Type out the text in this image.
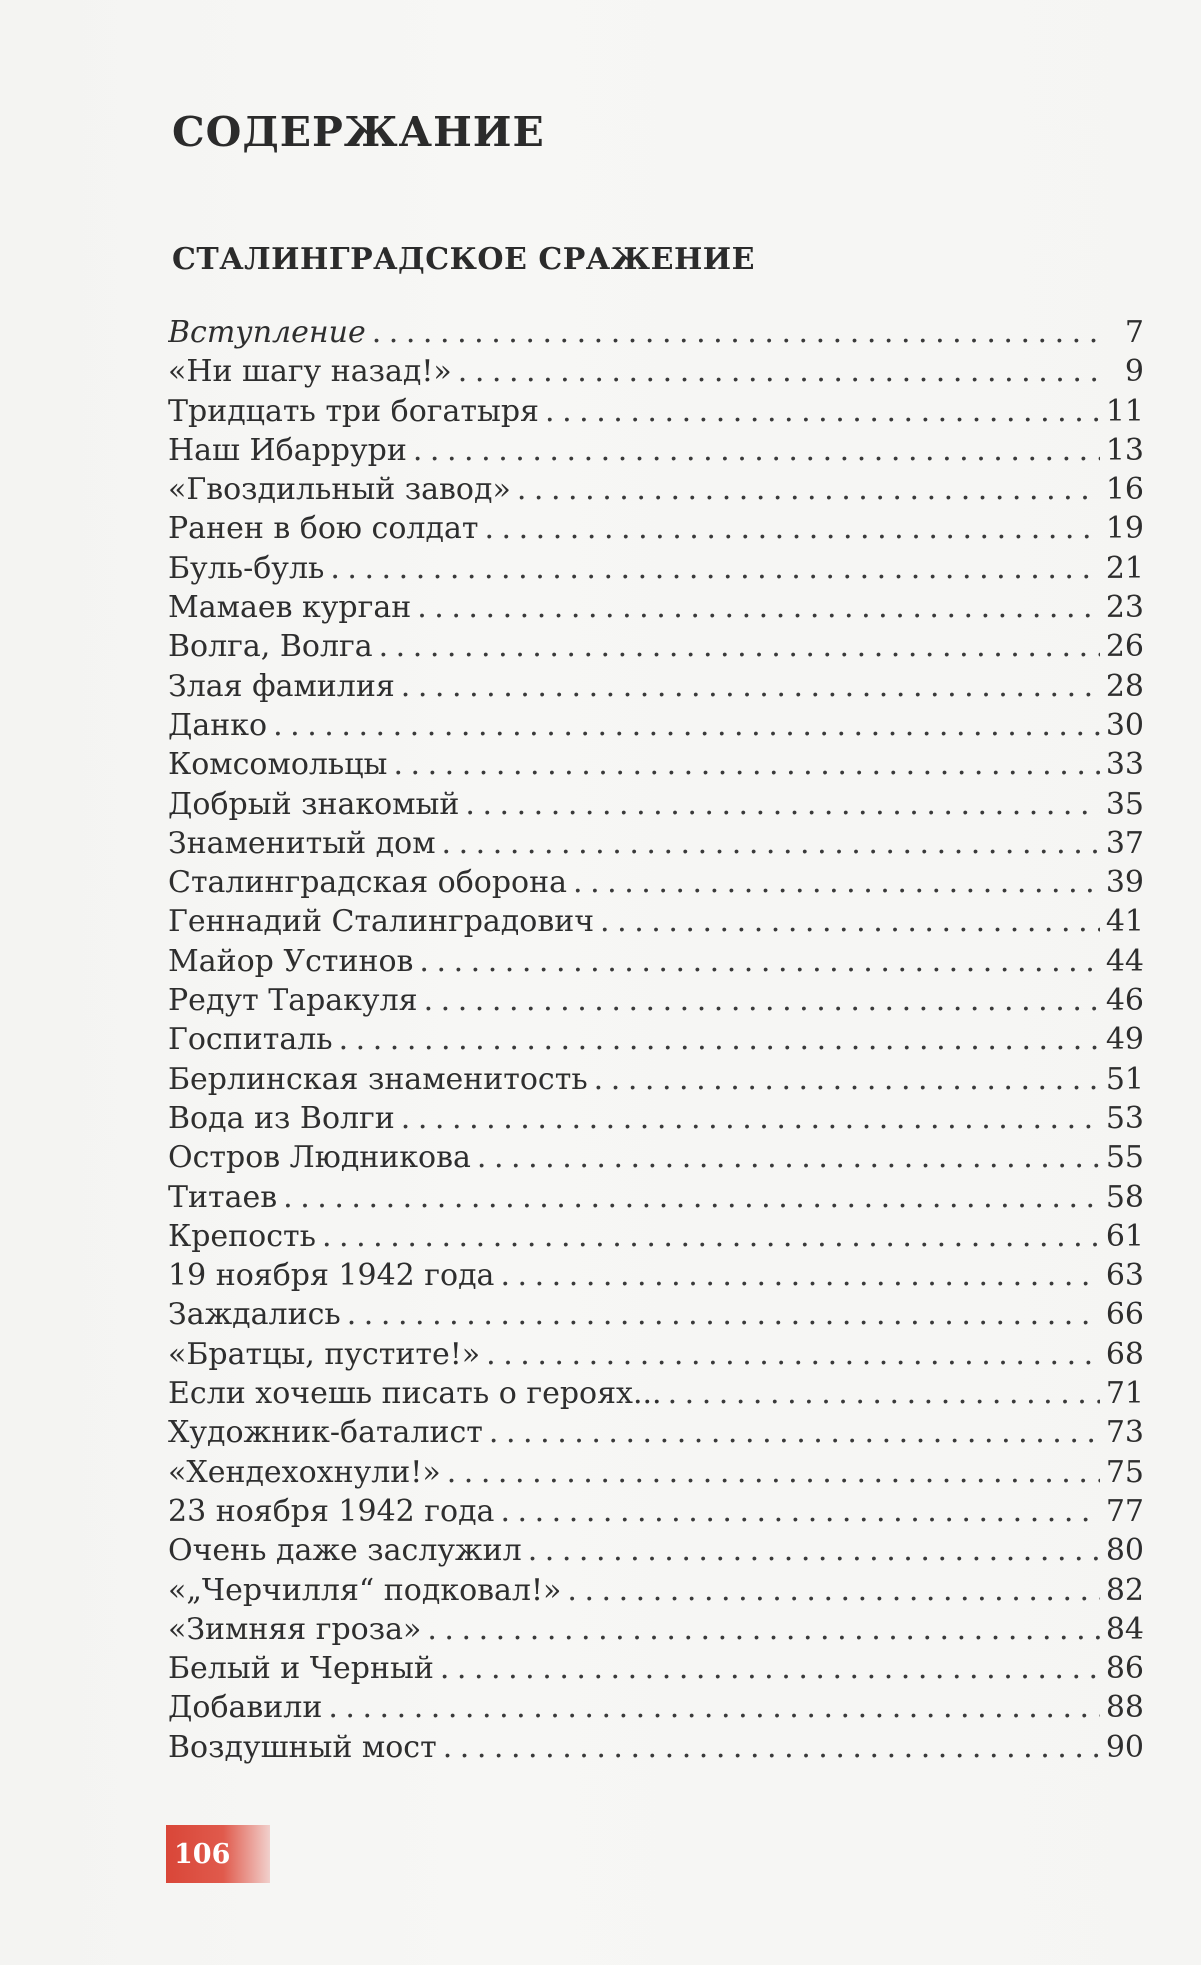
СОДЕРЖАНИЕ
СТАЛИНГРАДСКОЕ СРАЖЕНИЕ
Вступление . . .	7
«Ни шагу назад!» . . .	9
Тридцать три богатыря . . .	11
Наш Ибаррури . . .	13
«Гвоздильный завод» . . .	16
Ранен в бою солдат . . .	19
Буль-буль . . .	21
Мамаев курган . . .	23
Волга, Волга . . .	26
Злая фамилия . . .	28
Данко . . .	30
Комсомольцы . . .	33
Добрый знакомый . . .	35
Знаменитый дом . . .	37
Сталинградская оборона . . .	39
Геннадий Сталинградович . . .	41
Майор Устинов . . .	44
Редут Таракуля . . .	46
Госпиталь . . .	49
Берлинская знаменитость . . .	51
Вода из Волги . . .	53
Остров Людникова . . .	55
Титаев . . .	58
Крепость . . .	61
19 ноября 1942 года . . .	63
Заждались . . .	66
«Братцы, пустите!» . . .	68
Если хочешь писать о героях... . . .	71
Художник-баталист . . .	73
«Хендехохнули!» . . .	75
23 ноября 1942 года . . .	77
Очень даже заслужил . . .	80
«„Черчилля“ подковал!» . . .	82
«Зимняя гроза» . . .	84
Белый и Черный . . .	86
Добавили . . .	88
Воздушный мост . . .	90
106
